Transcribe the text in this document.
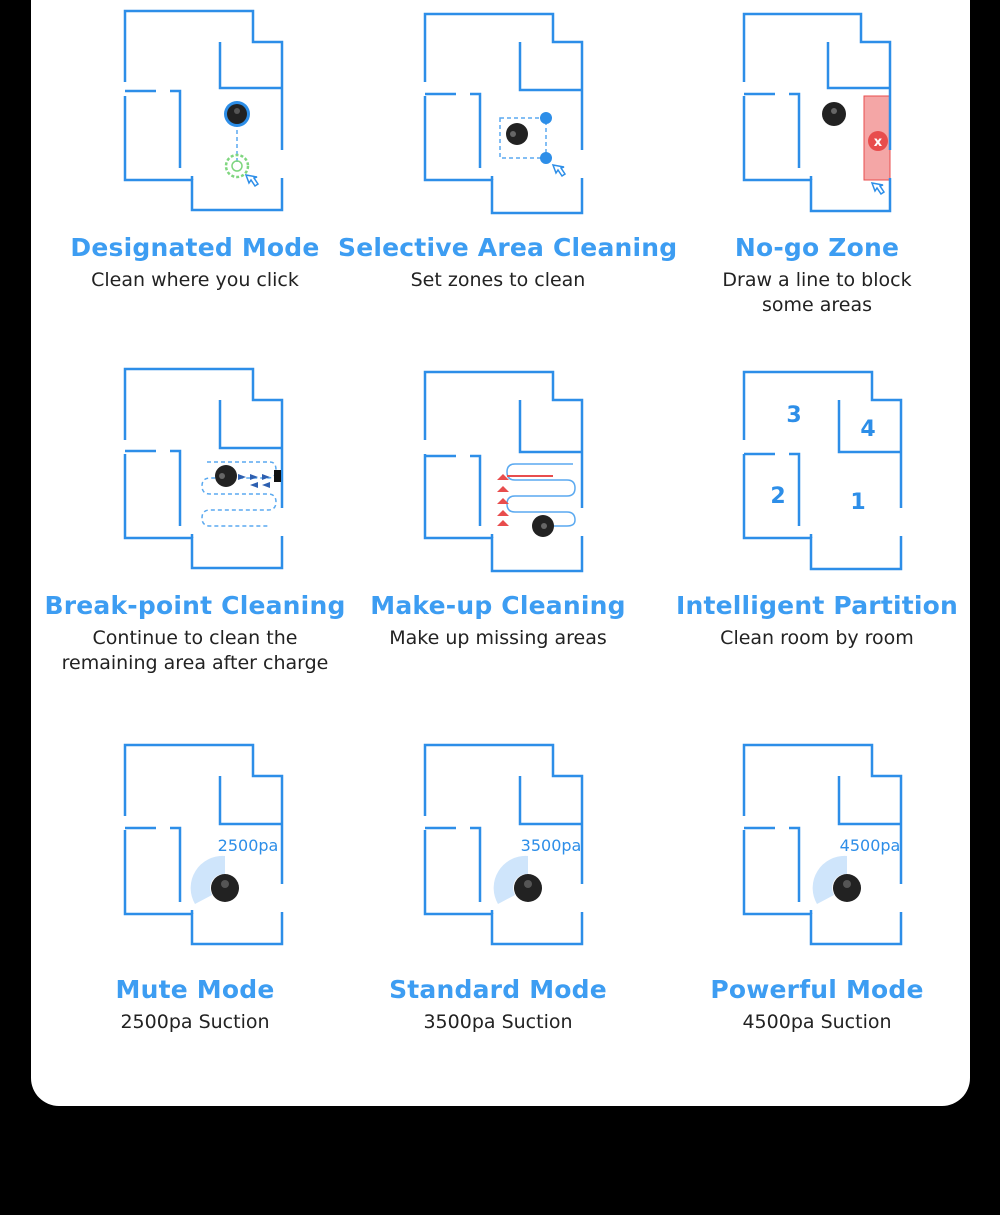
Designated Mode
Clean where you click
Selective Area Cleaning
Set zones to clean
x
No-go Zone
Draw a line to block
some areas
Break-point Cleaning
Continue to clean the
remaining area after charge
Make-up Cleaning
Make up missing areas
3
4
2	1
Intelligent Partition
Clean room by room
2500pa
Mute Mode
2500pa Suction
3500pa
Standard Mode
3500pa Suction
4500pa
Powerful Mode
4500pa Suction
